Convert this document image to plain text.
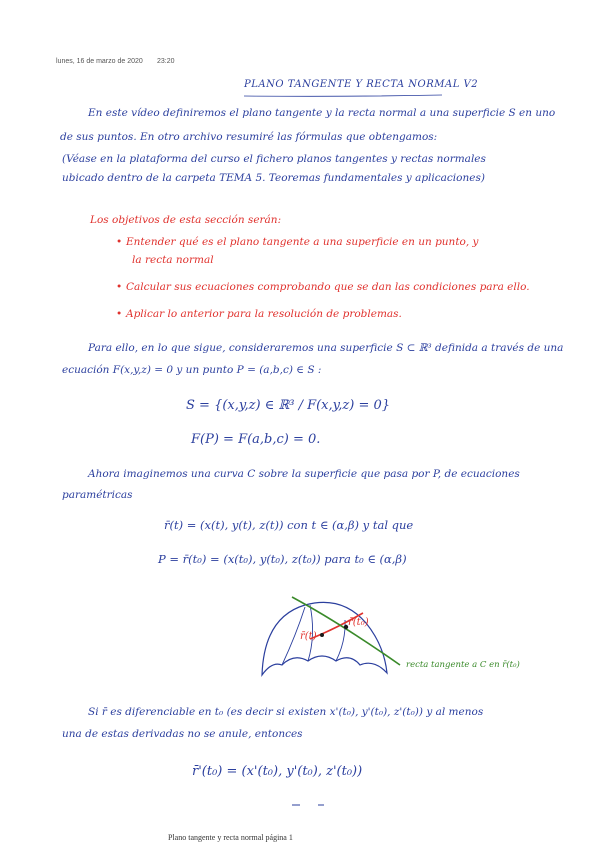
lunes, 16 de marzo de 2020 23:20
PLANO TANGENTE Y RECTA NORMAL V2
En este vídeo definiremos el plano tangente y la recta normal a una superficie S en uno
de sus puntos. En otro archivo resumiré las fórmulas que obtengamos:
(Véase en la plataforma del curso el fichero planos tangentes y rectas normales
ubicado dentro de la carpeta TEMA 5. Teoremas fundamentales y aplicaciones)
Los objetivos de esta sección serán:
• Entender qué es el plano tangente a una superficie en un punto, y
la recta normal
• Calcular sus ecuaciones comprobando que se dan las condiciones para ello.
• Aplicar lo anterior para la resolución de problemas.
Para ello, en lo que sigue, consideraremos una superficie S ⊂ ℝ³ definida a través de una
ecuación F(x,y,z) = 0 y un punto P = (a,b,c) ∈ S :
S = {(x,y,z) ∈ ℝ³ / F(x,y,z) = 0}
F(P) = F(a,b,c) = 0.
Ahora imaginemos una curva C sobre la superficie que pasa por P, de ecuaciones
paramétricas
r̄(t) = (x(t), y(t), z(t)) con t ∈ (α,β) y tal que
P = r̄(t₀) = (x(t₀), y(t₀), z(t₀)) para t₀ ∈ (α,β)
r̄(t)
r̄(t₀)
recta tangente a C en r̄(t₀)
Si r̄ es diferenciable en t₀ (es decir si existen x'(t₀), y'(t₀), z'(t₀)) y al menos
una de estas derivadas no se anule, entonces
r̄'(t₀) = (x'(t₀), y'(t₀), z'(t₀))
Plano tangente y recta normal página 1
